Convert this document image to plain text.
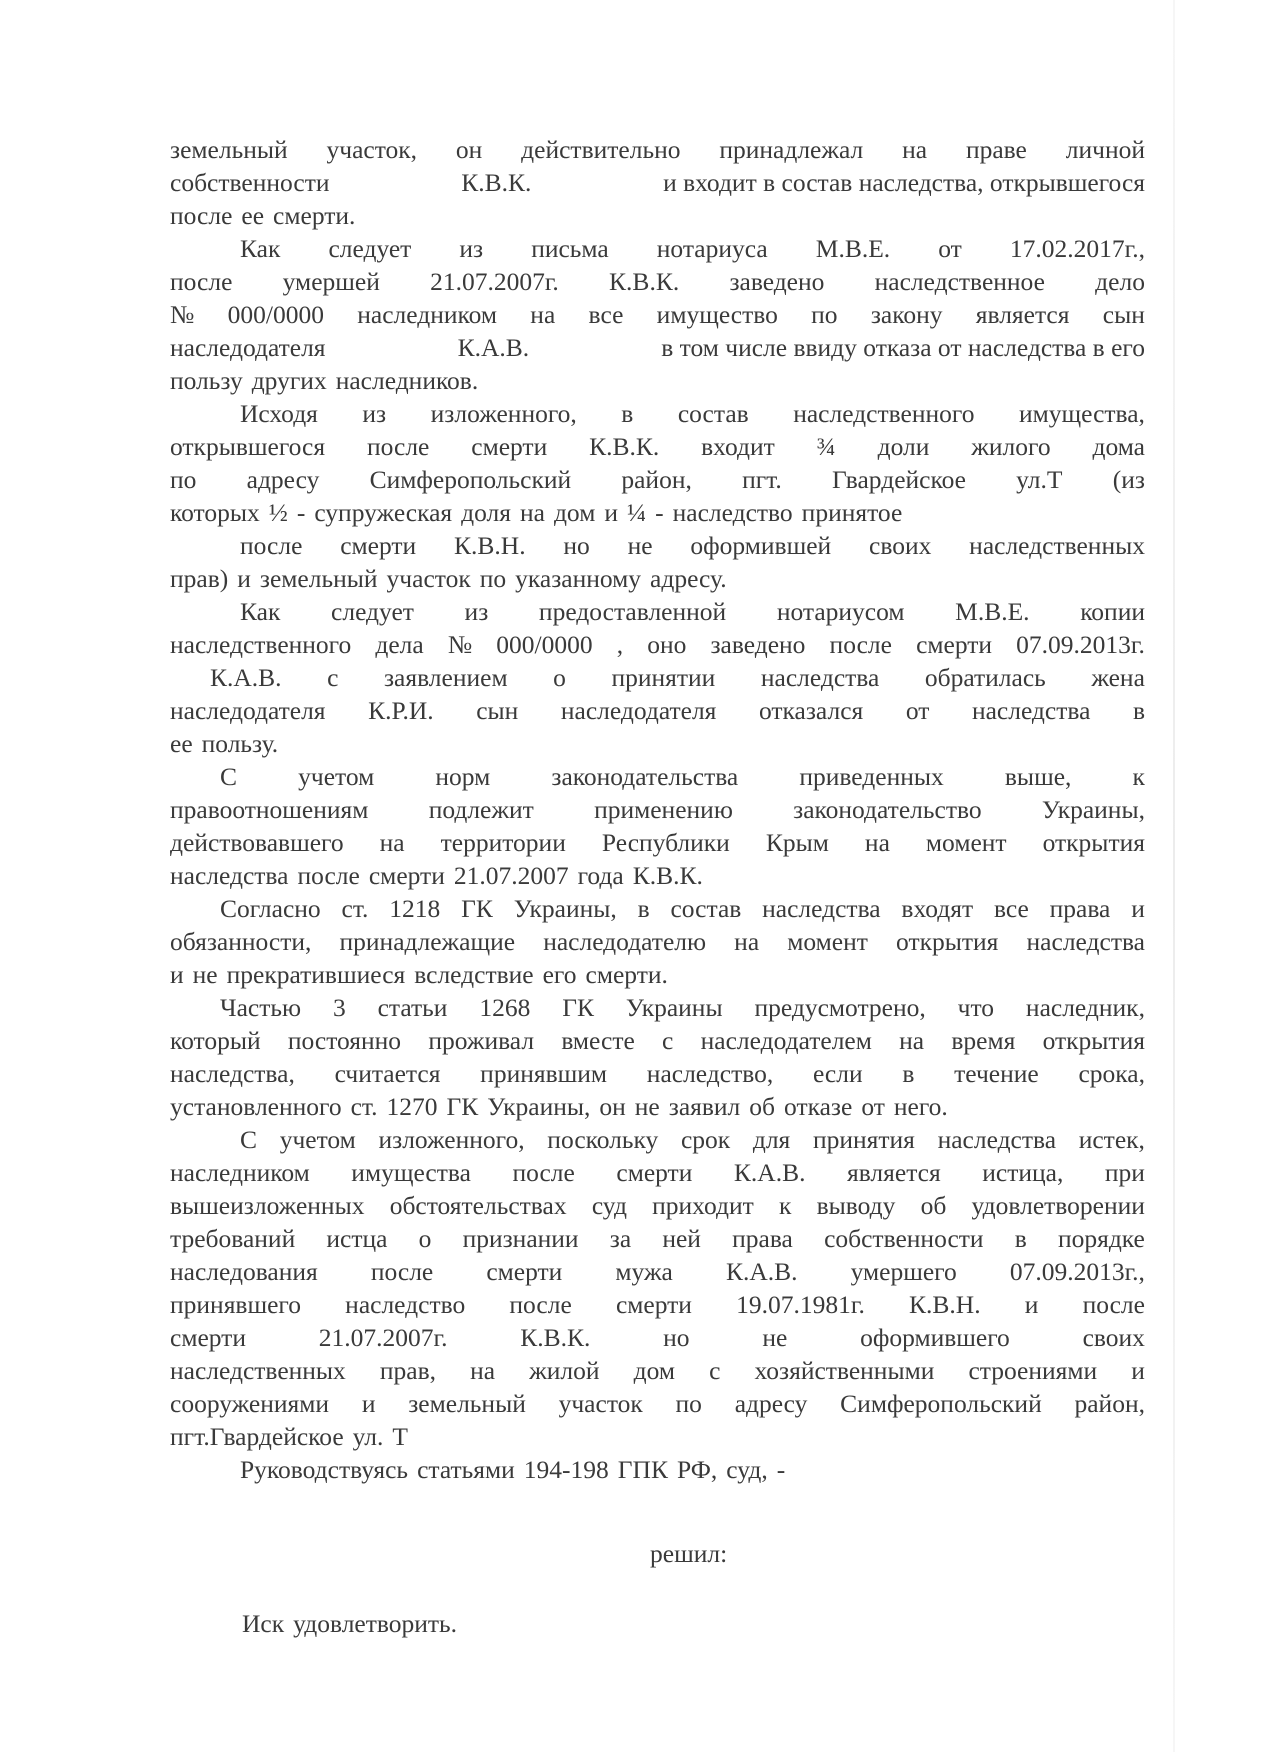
земельный участок, он действительно принадлежал на праве личной
собственности	К.В.К.	и входит в состав наследства, открывшегося
после ее смерти.
Как следует из письма нотариуса М.В.Е. от 17.02.2017г.,
после умершей 21.07.2007г. К.В.К. заведено наследственное дело
№ 000/0000 наследником на все имущество по закону является сын
наследодателя	К.А.В.	в том числе ввиду отказа от наследства в его
пользу других наследников.
Исходя из изложенного, в состав наследственного имущества,
открывшегося после смерти К.В.К. входит ¾ доли жилого дома
по адресу Симферопольский район, пгт. Гвардейское ул.Т (из
которых ½ - супружеская доля на дом и ¼ - наследство принятое
после смерти К.В.Н. но не оформившей своих наследственных
прав) и земельный участок по указанному адресу.
Как следует из предоставленной нотариусом М.В.Е. копии
наследственного дела № 000/0000 , оно заведено после смерти 07.09.2013г.
К.А.В. с заявлением о принятии наследства обратилась жена
наследодателя К.Р.И. сын наследодателя отказался от наследства в
ее пользу.
С учетом норм законодательства приведенных выше, к
правоотношениям подлежит применению законодательство Украины,
действовавшего на территории Республики Крым на момент открытия
наследства после смерти 21.07.2007 года К.В.К.
Согласно ст. 1218 ГК Украины, в состав наследства входят все права и
обязанности, принадлежащие наследодателю на момент открытия наследства
и не прекратившиеся вследствие его смерти.
Частью 3 статьи 1268 ГК Украины предусмотрено, что наследник,
который постоянно проживал вместе с наследодателем на время открытия
наследства, считается принявшим наследство, если в течение срока,
установленного ст. 1270 ГК Украины, он не заявил об отказе от него.
С учетом изложенного, поскольку срок для принятия наследства истек,
наследником имущества после смерти К.А.В. является истица, при
вышеизложенных обстоятельствах суд приходит к выводу об удовлетворении
требований истца о признании за ней права собственности в порядке
наследования после смерти мужа К.А.В. умершего 07.09.2013г.,
принявшего наследство после смерти 19.07.1981г. К.В.Н. и после
смерти	21.07.2007г.	К.В.К.	но	не	оформившего	своих
наследственных прав, на жилой дом с хозяйственными строениями и
сооружениями и земельный участок по адресу Симферопольский район,
пгт.Гвардейское ул. Т
Руководствуясь статьями 194-198 ГПК РФ, суд, -
решил:
Иск удовлетворить.
